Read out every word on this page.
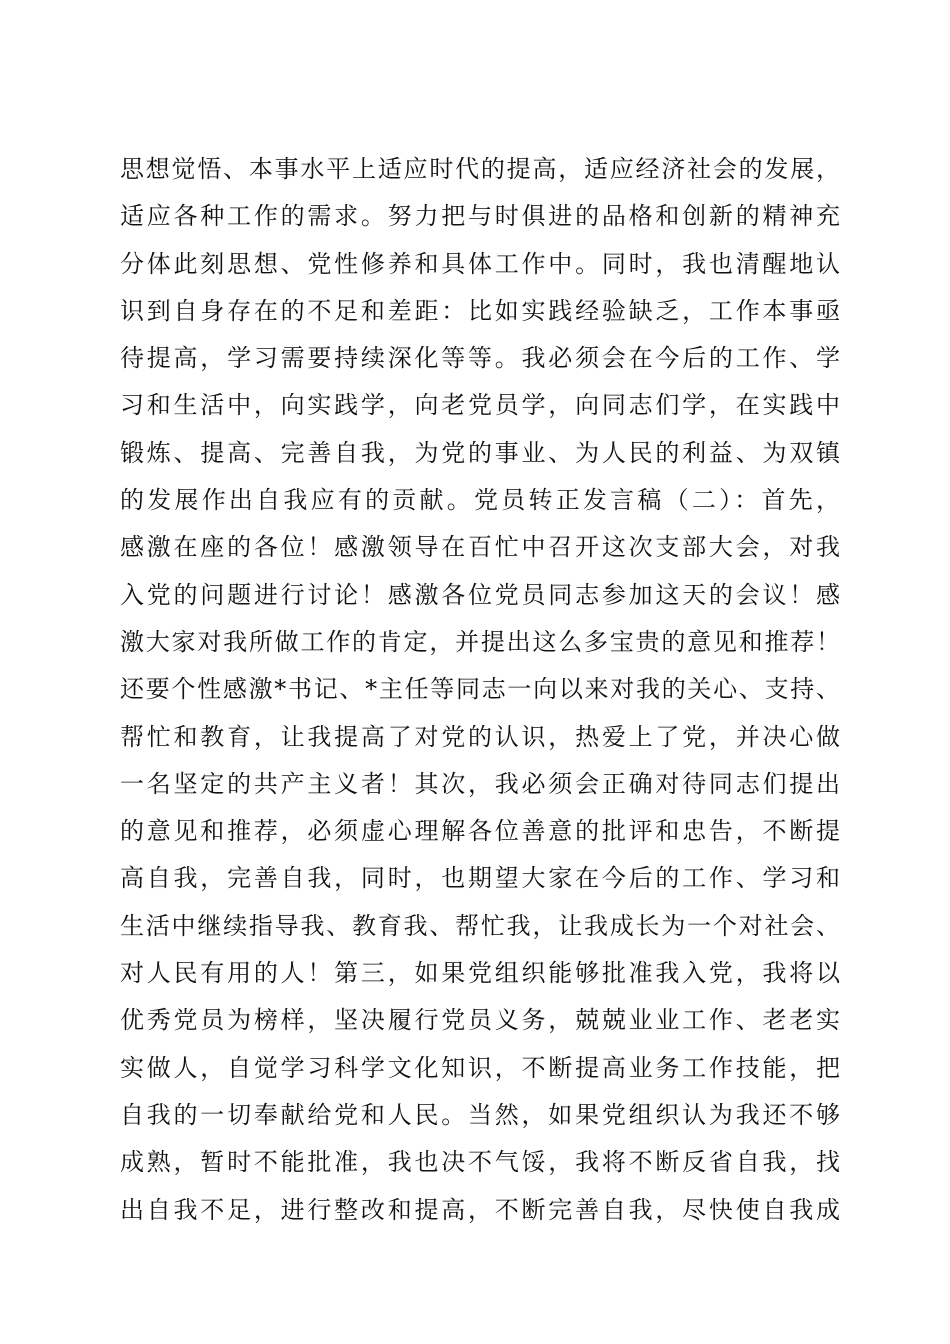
思想觉悟、本事水平上适应时代的提高，适应经济社会的发展，
适应各种工作的需求。努力把与时俱进的品格和创新的精神充
分体此刻思想、党性修养和具体工作中。同时，我也清醒地认
识到自身存在的不足和差距：比如实践经验缺乏，工作本事亟
待提高，学习需要持续深化等等。我必须会在今后的工作、学
习和生活中，向实践学，向老党员学，向同志们学，在实践中
锻炼、提高、完善自我，为党的事业、为人民的利益、为双镇
的发展作出自我应有的贡献。党员转正发言稿（二）：首先，
感激在座的各位！感激领导在百忙中召开这次支部大会，对我
入党的问题进行讨论！感激各位党员同志参加这天的会议！感
激大家对我所做工作的肯定，并提出这么多宝贵的意见和推荐！
还要个性感激*书记、*主任等同志一向以来对我的关心、支持、
帮忙和教育，让我提高了对党的认识，热爱上了党，并决心做
一名坚定的共产主义者！其次，我必须会正确对待同志们提出
的意见和推荐，必须虚心理解各位善意的批评和忠告，不断提
高自我，完善自我，同时，也期望大家在今后的工作、学习和
生活中继续指导我、教育我、帮忙我，让我成长为一个对社会、
对人民有用的人！第三，如果党组织能够批准我入党，我将以
优秀党员为榜样，坚决履行党员义务，兢兢业业工作、老老实
实做人，自觉学习科学文化知识，不断提高业务工作技能，把
自我的一切奉献给党和人民。当然，如果党组织认为我还不够
成熟，暂时不能批准，我也决不气馁，我将不断反省自我，找
出自我不足，进行整改和提高，不断完善自我，尽快使自我成
